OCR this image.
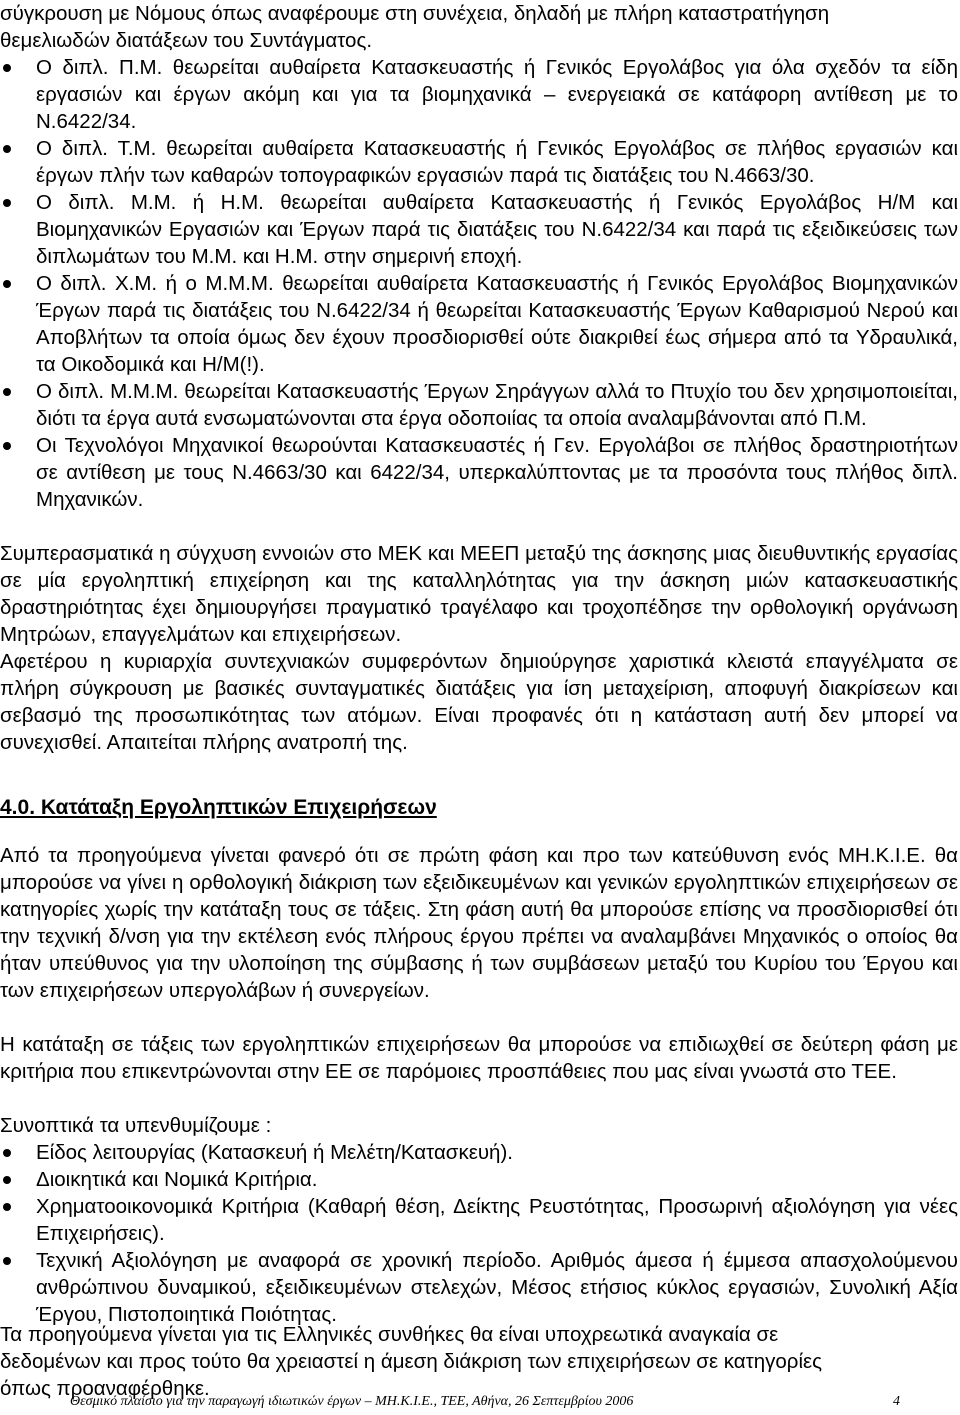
σύγκρουση με Νόμους όπως αναφέρουμε στη συνέχεια, δηλαδή με πλήρη καταστρατήγηση
θεμελιωδών διατάξεων του Συντάγματος.

Ο διπλ. Π.Μ. θεωρείται αυθαίρετα Κατασκευαστής ή Γενικός Εργολάβος για όλα σχεδόν τα είδη εργασιών και έργων ακόμη και για τα βιομηχανικά – ενεργειακά σε κατάφορη αντίθεση με το Ν.6422/34.
Ο διπλ. Τ.Μ. θεωρείται αυθαίρετα Κατασκευαστής ή Γενικός Εργολάβος σε πλήθος εργασιών και έργων πλήν των καθαρών τοπογραφικών εργασιών παρά τις διατάξεις του Ν.4663/30.
Ο διπλ. Μ.Μ. ή Η.Μ. θεωρείται αυθαίρετα Κατασκευαστής ή Γενικός Εργολάβος Η/Μ και Βιομηχανικών Εργασιών και Έργων παρά τις διατάξεις του Ν.6422/34 και παρά τις εξειδικεύσεις των διπλωμάτων του Μ.Μ. και Η.Μ. στην σημερινή εποχή.
Ο διπλ. Χ.Μ. ή ο Μ.Μ.Μ. θεωρείται αυθαίρετα Κατασκευαστής ή Γενικός Εργολάβος Βιομηχανικών Έργων παρά τις διατάξεις του Ν.6422/34 ή θεωρείται Κατασκευαστής Έργων Καθαρισμού Νερού και Αποβλήτων τα οποία όμως δεν έχουν προσδιορισθεί ούτε διακριθεί έως σήμερα από τα Υδραυλικά, τα Οικοδομικά και Η/Μ(!).
Ο διπλ. Μ.Μ.Μ. θεωρείται Κατασκευαστής Έργων Σηράγγων αλλά το Πτυχίο του δεν χρησιμοποιείται, διότι τα έργα αυτά ενσωματώνονται στα έργα οδοποιίας τα οποία αναλαμβάνονται από Π.Μ.
Οι Τεχνολόγοι Μηχανικοί θεωρούνται Κατασκευαστές ή Γεν. Εργολάβοι σε πλήθος δραστηριοτήτων σε αντίθεση με τους Ν.4663/30 και 6422/34, υπερκαλύπτοντας με τα προσόντα τους πλήθος διπλ. Μηχανικών.

Συμπερασματικά η σύγχυση εννοιών στο ΜΕΚ και ΜΕΕΠ μεταξύ της άσκησης μιας διευθυντικής εργασίας σε μία εργοληπτική επιχείρηση και της καταλληλότητας για την άσκηση μιών κατασκευαστικής δραστηριότητας έχει δημιουργήσει πραγματικό τραγέλαφο και τροχοπέδησε την ορθολογική οργάνωση Μητρώων, επαγγελμάτων και επιχειρήσεων.

Αφετέρου η κυριαρχία συντεχνιακών συμφερόντων δημιούργησε χαριστικά κλειστά επαγγέλματα σε πλήρη σύγκρουση με βασικές συνταγματικές διατάξεις για ίση μεταχείριση, αποφυγή διακρίσεων και σεβασμό της προσωπικότητας των ατόμων. Είναι προφανές ότι η κατάσταση αυτή δεν μπορεί να συνεχισθεί. Απαιτείται πλήρης ανατροπή της.

4.0. Κατάταξη Εργοληπτικών Επιχειρήσεων

Από τα προηγούμενα γίνεται φανερό ότι σε πρώτη φάση και προ των κατεύθυνση ενός ΜΗ.Κ.Ι.Ε. θα μπορούσε να γίνει η ορθολογική διάκριση των εξειδικευμένων και γενικών εργοληπτικών επιχειρήσεων σε κατηγορίες χωρίς την κατάταξη τους σε τάξεις. Στη φάση αυτή θα μπορούσε επίσης να προσδιορισθεί ότι την τεχνική δ/νση για την εκτέλεση ενός πλήρους έργου πρέπει να αναλαμβάνει Μηχανικός ο οποίος θα ήταν υπεύθυνος για την υλοποίηση της σύμβασης ή των συμβάσεων μεταξύ του Κυρίου του Έργου και των επιχειρήσεων υπεργολάβων ή συνεργείων.

Η κατάταξη σε τάξεις των εργοληπτικών επιχειρήσεων θα μπορούσε να επιδιωχθεί σε δεύτερη φάση με κριτήρια που επικεντρώνονται στην ΕΕ σε παρόμοιες προσπάθειες που μας είναι γνωστά στο ΤΕΕ.

Συνοπτικά τα υπενθυμίζουμε :

Είδος λειτουργίας (Κατασκευή ή Μελέτη/Κατασκευή).
Διοικητικά και Νομικά Κριτήρια.
Χρηματοοικονομικά Κριτήρια (Καθαρή θέση, Δείκτης Ρευστότητας, Προσωρινή αξιολόγηση για νέες Επιχειρήσεις).
Τεχνική Αξιολόγηση με αναφορά σε χρονική περίοδο. Αριθμός άμεσα ή έμμεσα απασχολούμενου ανθρώπινου δυναμικού, εξειδικευμένων στελεχών, Μέσος ετήσιος κύκλος εργασιών, Συνολική Αξία Έργου, Πιστοποιητικά Ποιότητας.

Τα προηγούμενα γίνεται για τις Ελληνικές συνθήκες θα είναι υποχρεωτικά αναγκαία σε
δεδομένων και προς τούτο θα χρειαστεί η άμεση διάκριση των επιχειρήσεων σε κατηγορίες
όπως προαναφέρθηκε.

Θεσμικό πλαίσιο για την παραγωγή ιδιωτικών έργων – ΜΗ.Κ.Ι.Ε., ΤΕΕ, Αθήνα, 26 Σεπτεμβρίου 2006	4
